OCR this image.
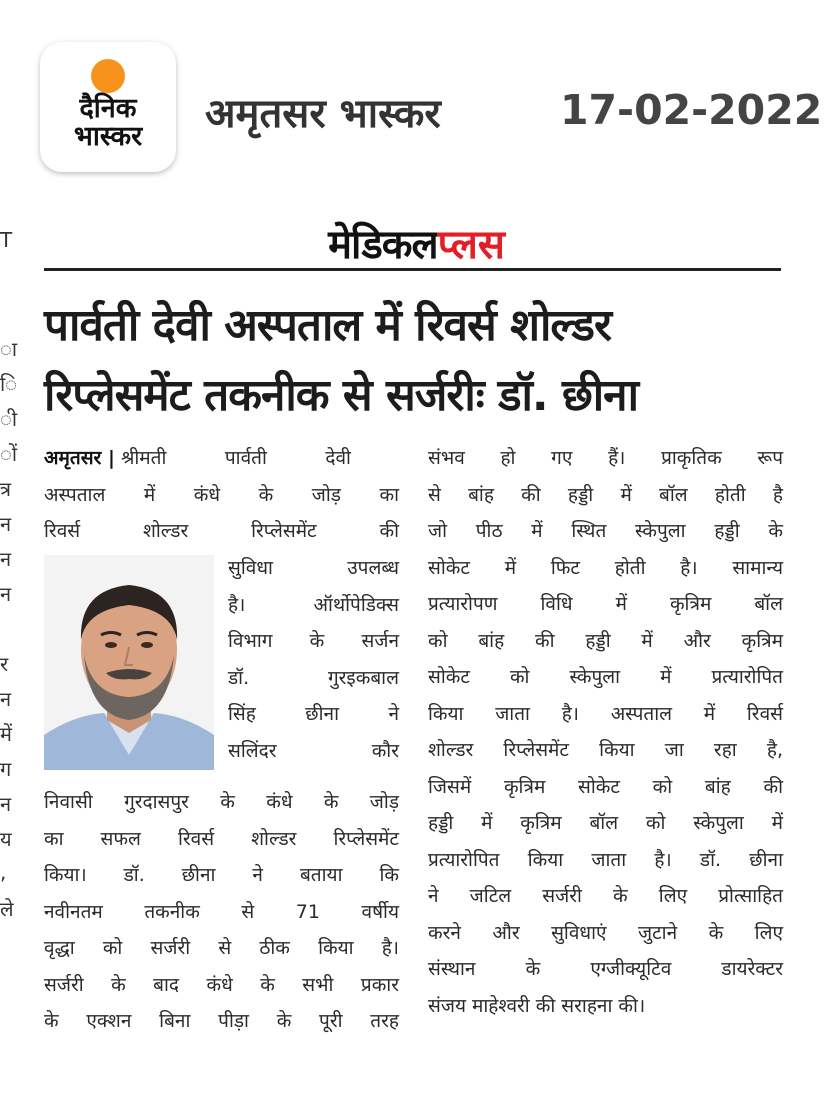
दैनिक
भास्कर	अमृतसर भास्कर	17-02-2022
T
ा
ि
ी
ों
त्र
न
न
न
र
न
में
ग
न
य
,
ले
मेडिकलप्लस
पार्वती देवी अस्पताल में रिवर्स शोल्डर
रिप्लेसमेंट तकनीक से सर्जरीः डॉ. छीना
अमृतसर | श्रीमती पार्वती देवी
अस्पताल में कंधे के जोड़ का
रिवर्स शोल्डर रिप्लेसमेंट की
सुविधा उपलब्ध
है। ऑर्थोपेडिक्स
विभाग के सर्जन
डॉ. गुरइकबाल
सिंह छीना ने
सलिंदर कौर
निवासी गुरदासपुर के कंधे के जोड़
का सफल रिवर्स शोल्डर रिप्लेसमेंट
किया। डॉ. छीना ने बताया कि
नवीनतम तकनीक से 71 वर्षीय
वृद्धा को सर्जरी से ठीक किया है।
सर्जरी के बाद कंधे के सभी प्रकार
के एक्शन बिना पीड़ा के पूरी तरह
संभव हो गए हैं। प्राकृतिक रूप
से बांह की हड्डी में बॉल होती है
जो पीठ में स्थित स्केपुला हड्डी के
सोकेट में फिट होती है। सामान्य
प्रत्यारोपण विधि में कृत्रिम बॉल
को बांह की हड्डी में और कृत्रिम
सोकेट को स्केपुला में प्रत्यारोपित
किया जाता है। अस्पताल में रिवर्स
शोल्डर रिप्लेसमेंट किया जा रहा है,
जिसमें कृत्रिम सोकेट को बांह की
हड्डी में कृत्रिम बॉल को स्केपुला में
प्रत्यारोपित किया जाता है। डॉ. छीना
ने जटिल सर्जरी के लिए प्रोत्साहित
करने और सुविधाएं जुटाने के लिए
संस्थान के एग्जीक्यूटिव डायरेक्टर
संजय माहेश्वरी की सराहना की।
